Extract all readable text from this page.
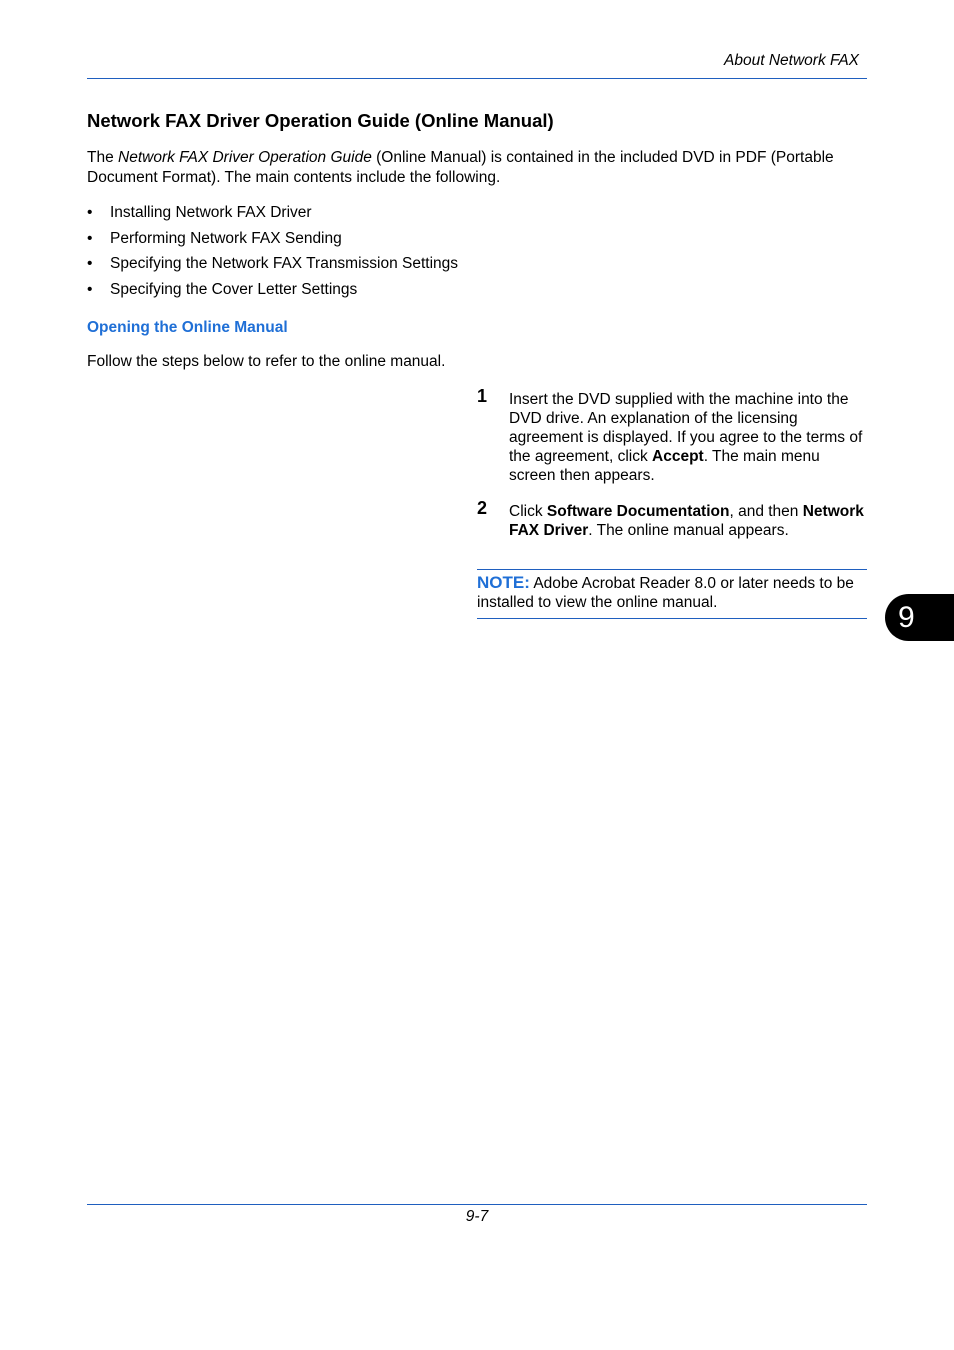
About Network FAX
Network FAX Driver Operation Guide (Online Manual)
The Network FAX Driver Operation Guide (Online Manual) is contained in the included DVD in PDF (Portable Document Format). The main contents include the following.
• Installing Network FAX Driver
• Performing Network FAX Sending
• Specifying the Network FAX Transmission Settings
• Specifying the Cover Letter Settings
Opening the Online Manual
Follow the steps below to refer to the online manual.
1 Insert the DVD supplied with the machine into the DVD drive. An explanation of the licensing agreement is displayed. If you agree to the terms of the agreement, click Accept. The main menu screen then appears.
2 Click Software Documentation, and then Network FAX Driver. The online manual appears.
NOTE: Adobe Acrobat Reader 8.0 or later needs to be installed to view the online manual.	9
9-7
